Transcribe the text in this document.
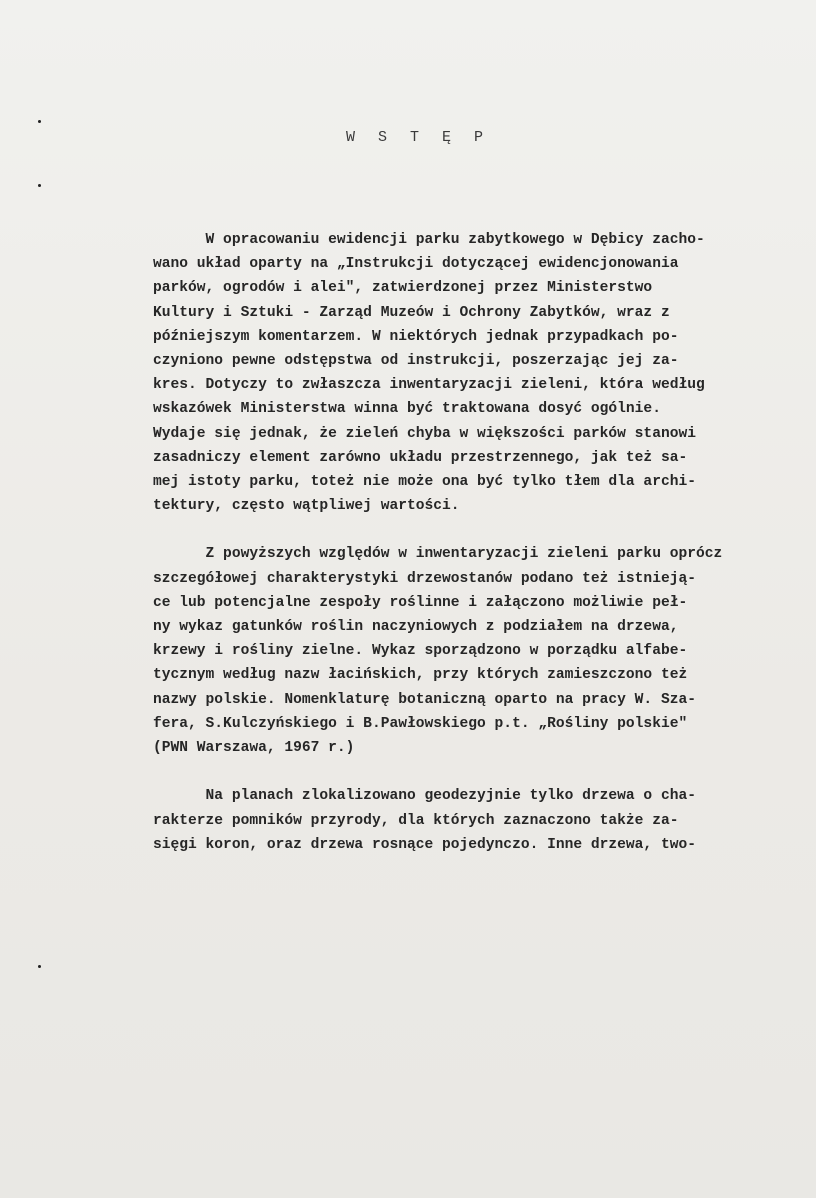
W S T Ę P
W opracowaniu ewidencji parku zabytkowego w Dębicy zacho-
wano układ oparty na „Instrukcji dotyczącej ewidencjonowania
parków, ogrodów i alei", zatwierdzonej przez Ministerstwo
Kultury i Sztuki - Zarząd Muzeów i Ochrony Zabytków, wraz z
późniejszym komentarzem. W niektórych jednak przypadkach po-
czyniono pewne odstępstwa od instrukcji, poszerzając jej za-
kres. Dotyczy to zwłaszcza inwentaryzacji zieleni, która według
wskazówek Ministerstwa winna być traktowana dosyć ogólnie.
Wydaje się jednak, że zieleń chyba w większości parków stanowi
zasadniczy element zarówno układu przestrzennego, jak też sa-
mej istoty parku, toteż nie może ona być tylko tłem dla archi-
tektury, często wątpliwej wartości.
Z powyższych względów w inwentaryzacji zieleni parku oprócz
szczegółowej charakterystyki drzewostanów podano też istnieją-
ce lub potencjalne zespoły roślinne i załączono możliwie peł-
ny wykaz gatunków roślin naczyniowych z podziałem na drzewa,
krzewy i rośliny zielne. Wykaz sporządzono w porządku alfabe-
tycznym według nazw łacińskich, przy których zamieszczono też
nazwy polskie. Nomenklaturę botaniczną oparto na pracy W. Sza-
fera, S.Kulczyńskiego i B.Pawłowskiego p.t. „Rośliny polskie"
(PWN Warszawa, 1967 r.)
Na planach zlokalizowano geodezyjnie tylko drzewa o cha-
rakterze pomników przyrody, dla których zaznaczono także za-
sięgi koron, oraz drzewa rosnące pojedynczo. Inne drzewa, two-
